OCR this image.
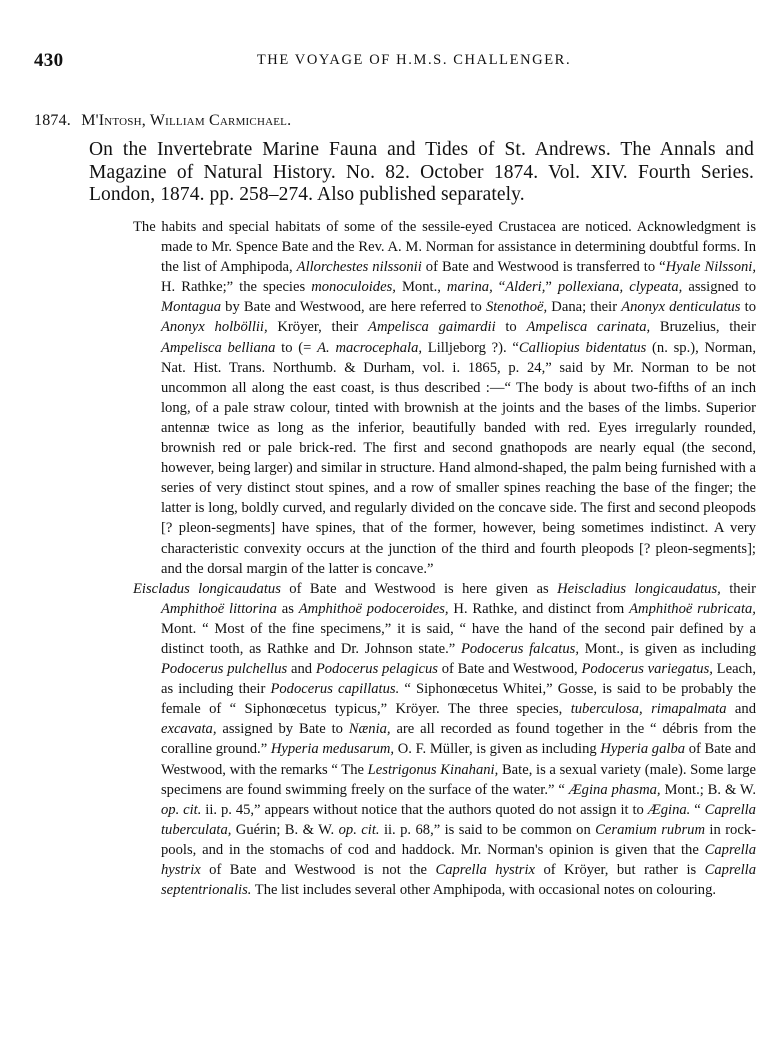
430	THE VOYAGE OF H.M.S. CHALLENGER.
1874. M'Intosh, William Carmichael.
On the Invertebrate Marine Fauna and Tides of St. Andrews. The Annals and Magazine of Natural History. No. 82. October 1874. Vol. XIV. Fourth Series. London, 1874. pp. 258–274. Also published separately.

The habits and special habitats of some of the sessile-eyed Crustacea are noticed. Acknowledgment is made to Mr. Spence Bate and the Rev. A. M. Norman for assistance in determining doubtful forms. In the list of Amphipoda, Allorchestes nilssonii of Bate and Westwood is transferred to “Hyale Nilssoni, H. Rathke;” the species monoculoides, Mont., marina, “Alderi,” pollexiana, clypeata, assigned to Montagua by Bate and Westwood, are here referred to Stenothoë, Dana; their Anonyx denticulatus to Anonyx holböllii, Kröyer, their Ampelisca gaimardii to Ampelisca carinata, Bruzelius, their Ampelisca belliana to (= A. macrocephala, Lilljeborg ?). “Calliopius bidentatus (n. sp.), Norman, Nat. Hist. Trans. Northumb. & Durham, vol. i. 1865, p. 24,” said by Mr. Norman to be not uncommon all along the east coast, is thus described :—“ The body is about two-fifths of an inch long, of a pale straw colour, tinted with brownish at the joints and the bases of the limbs. Superior antennæ twice as long as the inferior, beautifully banded with red. Eyes irregularly rounded, brownish red or pale brick-red. The first and second gnathopods are nearly equal (the second, however, being larger) and similar in structure. Hand almond-shaped, the palm being furnished with a series of very distinct stout spines, and a row of smaller spines reaching the base of the finger; the latter is long, boldly curved, and regularly divided on the concave side. The first and second pleopods [? pleon-segments] have spines, that of the former, however, being sometimes indistinct. A very characteristic convexity occurs at the junction of the third and fourth pleopods [? pleon-segments]; and the dorsal margin of the latter is concave.”

Eiscladus longicaudatus of Bate and Westwood is here given as Heiscladius longicaudatus, their Amphithoë littorina as Amphithoë podoceroides, H. Rathke, and distinct from Amphithoë rubricata, Mont. “ Most of the fine specimens,” it is said, “ have the hand of the second pair defined by a distinct tooth, as Rathke and Dr. Johnson state.” Podocerus falcatus, Mont., is given as including Podocerus pulchellus and Podocerus pelagicus of Bate and Westwood, Podocerus variegatus, Leach, as including their Podocerus capillatus. “ Siphonœcetus Whitei,” Gosse, is said to be probably the female of “ Siphonœcetus typicus,” Kröyer. The three species, tuberculosa, rimapalmata and excavata, assigned by Bate to Nænia, are all recorded as found together in the “ débris from the coralline ground.” Hyperia medusarum, O. F. Müller, is given as including Hyperia galba of Bate and Westwood, with the remarks “ The Lestrigonus Kinahani, Bate, is a sexual variety (male). Some large specimens are found swimming freely on the surface of the water.” “ Ægina phasma, Mont.; B. & W. op. cit. ii. p. 45,” appears without notice that the authors quoted do not assign it to Ægina. “ Caprella tuberculata, Guérin; B. & W. op. cit. ii. p. 68,” is said to be common on Ceramium rubrum in rock-pools, and in the stomachs of cod and haddock. Mr. Norman's opinion is given that the Caprella hystrix of Bate and Westwood is not the Caprella hystrix of Kröyer, but rather is Caprella septentrionalis. The list includes several other Amphipoda, with occasional notes on colouring.
